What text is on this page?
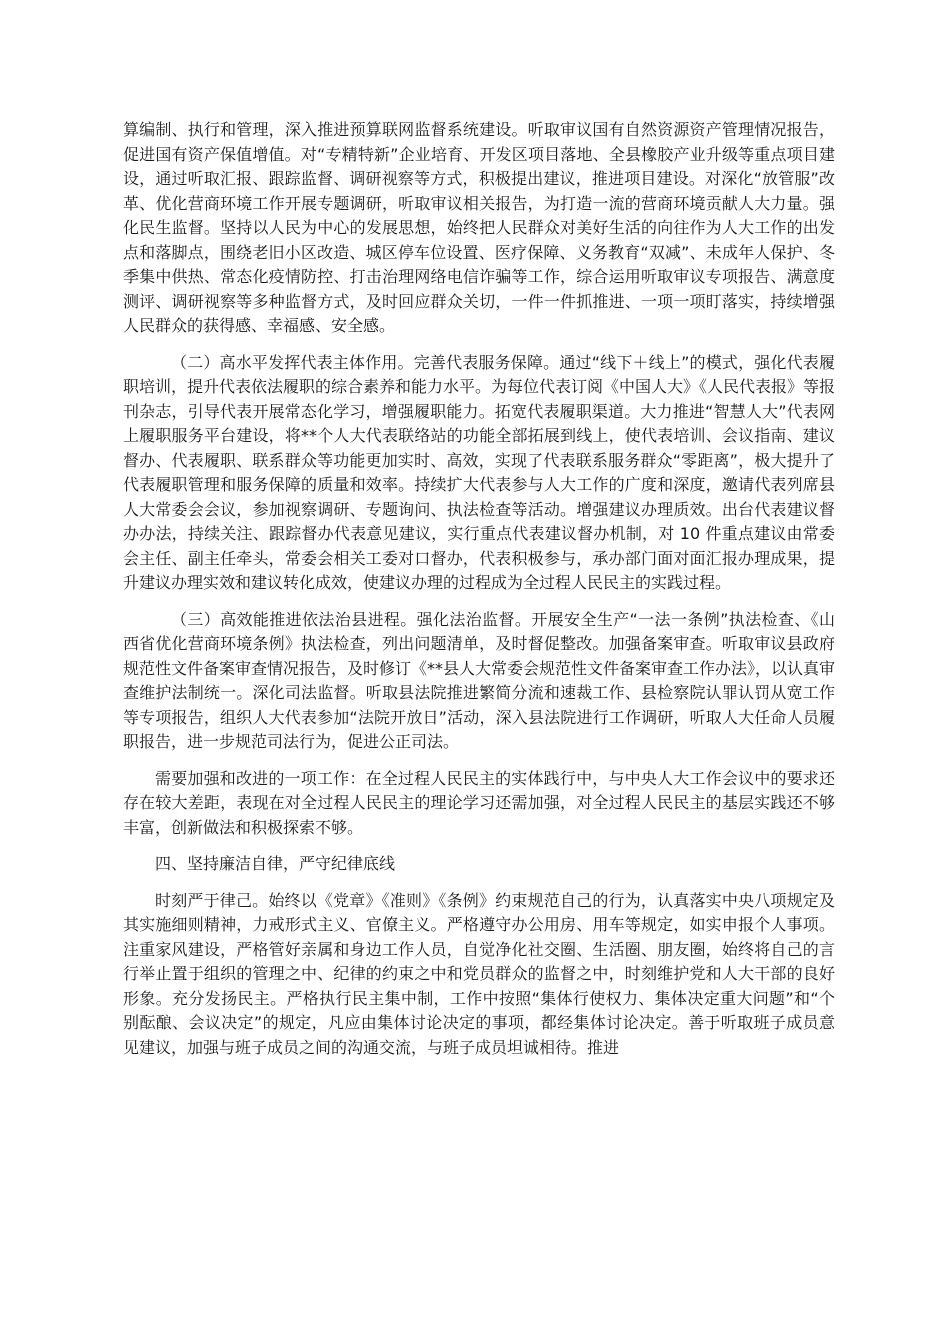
算编制、执行和管理，深入推进预算联网监督系统建设。听取审议国有自然资源资产管理情况报告，促进国有资产保值增值。对“专精特新”企业培育、开发区项目落地、全县橡胶产业升级等重点项目建设，通过听取汇报、跟踪监督、调研视察等方式，积极提出建议，推进项目建设。对深化“放管服”改革、优化营商环境工作开展专题调研，听取审议相关报告，为打造一流的营商环境贡献人大力量。强化民生监督。坚持以人民为中心的发展思想，始终把人民群众对美好生活的向往作为人大工作的出发点和落脚点，围绕老旧小区改造、城区停车位设置、医疗保障、义务教育“双减”、未成年人保护、冬季集中供热、常态化疫情防控、打击治理网络电信诈骗等工作，综合运用听取审议专项报告、满意度测评、调研视察等多种监督方式，及时回应群众关切，一件一件抓推进、一项一项盯落实，持续增强人民群众的获得感、幸福感、安全感。

（二）高水平发挥代表主体作用。完善代表服务保障。通过“线下＋线上”的模式，强化代表履职培训，提升代表依法履职的综合素养和能力水平。为每位代表订阅《中国人大》《人民代表报》等报刊杂志，引导代表开展常态化学习，增强履职能力。拓宽代表履职渠道。大力推进“智慧人大”代表网上履职服务平台建设，将**个人大代表联络站的功能全部拓展到线上，使代表培训、会议指南、建议督办、代表履职、联系群众等功能更加实时、高效，实现了代表联系服务群众“零距离”，极大提升了代表履职管理和服务保障的质量和效率。持续扩大代表参与人大工作的广度和深度，邀请代表列席县人大常委会会议，参加视察调研、专题询问、执法检查等活动。增强建议办理质效。出台代表建议督办办法，持续关注、跟踪督办代表意见建议，实行重点代表建议督办机制，对 10 件重点建议由常委会主任、副主任牵头，常委会相关工委对口督办，代表积极参与，承办部门面对面汇报办理成果，提升建议办理实效和建议转化成效，使建议办理的过程成为全过程人民民主的实践过程。

（三）高效能推进依法治县进程。强化法治监督。开展安全生产“一法一条例”执法检查、《山西省优化营商环境条例》执法检查，列出问题清单，及时督促整改。加强备案审查。听取审议县政府规范性文件备案审查情况报告，及时修订《**县人大常委会规范性文件备案审查工作办法》，以认真审查维护法制统一。深化司法监督。听取县法院推进繁简分流和速裁工作、县检察院认罪认罚从宽工作等专项报告，组织人大代表参加“法院开放日”活动，深入县法院进行工作调研，听取人大任命人员履职报告，进一步规范司法行为，促进公正司法。

需要加强和改进的一项工作：在全过程人民民主的实体践行中，与中央人大工作会议中的要求还存在较大差距，表现在对全过程人民民主的理论学习还需加强，对全过程人民民主的基层实践还不够丰富，创新做法和积极探索不够。

四、坚持廉洁自律，严守纪律底线

时刻严于律己。始终以《党章》《准则》《条例》约束规范自己的行为，认真落实中央八项规定及其实施细则精神，力戒形式主义、官僚主义。严格遵守办公用房、用车等规定，如实申报个人事项。注重家风建设，严格管好亲属和身边工作人员，自觉净化社交圈、生活圈、朋友圈，始终将自己的言行举止置于组织的管理之中、纪律的约束之中和党员群众的监督之中，时刻维护党和人大干部的良好形象。充分发扬民主。严格执行民主集中制，工作中按照“集体行使权力、集体决定重大问题”和“个别酝酿、会议决定”的规定，凡应由集体讨论决定的事项，都经集体讨论决定。善于听取班子成员意见建议，加强与班子成员之间的沟通交流，与班子成员坦诚相待。推进
